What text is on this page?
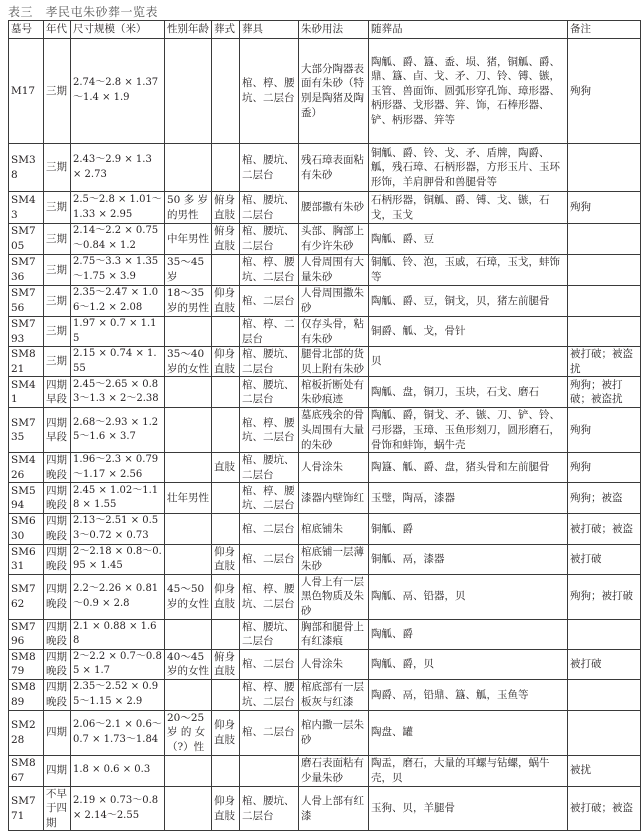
表三　孝民屯朱砂葬一览表
墓号	年代	尺寸规模（米）	性别年龄	葬式	葬具	朱砂用法	随葬品	备注
M17	三期	2.74～2.8 × 1.37～1.4 × 1.9			棺、椁、腰坑、二层台	大部分陶器表面有朱砂（特别是陶猪及陶盉）	陶觚、爵、簋、盉、埙、猪，铜觚、爵、鼎、簋、卣、戈、矛、刀、铃、镈、镞，玉管、兽面饰、圆弧形穿孔饰、璋形器、柄形器、戈形器、笄、饰，石棒形器、铲、柄形器、笄等	殉狗
SM38	三期	2.43～2.9 × 1.3 × 2.73			棺、腰坑、二层台	残石璋表面粘有朱砂	铜觚、爵、铃、戈、矛、盾牌，陶爵、觚，残石璋、石柄形器，方形玉片、玉环形饰，羊肩胛骨和兽腿骨等	
SM43	三期	2.5～2.8 × 1.01～1.33 × 2.95	50 多 岁的男性	俯身直肢	棺、腰坑、二层台	腰部撒有朱砂	石柄形器，铜觚、爵、镈、戈、镞，石戈，玉戈	殉狗
SM705	三期	2.14～2.2 × 0.75～0.84 × 1.2	中年男性	俯身直肢	棺、腰坑、二层台	头部、胸部上有少许朱砂	陶觚、爵、豆	
SM736	三期	2.75～3.3 × 1.35～1.75 × 3.9	35～45岁		棺、椁、腰坑、二层台	人骨周围有大量朱砂	铜觚、铃、泡，玉戚，石璋，玉戈，蚌饰等	
SM756	三期	2.35～2.47 × 1.06～1.2 × 2.08	18～35岁的男性	仰身直肢	棺、二层台	人骨周围撒朱砂	陶觚、爵、豆，铜戈，贝，猪左前腿骨	
SM793	三期	1.97 × 0.7 × 1.15			棺、椁、二层台	仅存头骨，粘有朱砂	铜爵、觚、戈，骨针	
SM821	三期	2.15 × 0.74 × 1.55	35～40岁的女性	仰身直肢	棺、腰坑、二层台	腿骨北部的货贝上附有朱砂	贝	被打破；被盗扰
SM41	四期早段	2.45～2.65 × 0.83～1.3 × 2～2.38			棺、腰坑、二层台	棺板折断处有朱砂痕迹	陶觚、盘，铜刀，玉块，石戈、磨石	殉狗；被打破；被盗扰
SM735	四期早段	2.68～2.93 × 1.25～1.6 × 3.7			棺、椁、腰坑、二层台	墓底残余的骨头周围有大量的朱砂	陶觚、爵，铜戈、矛、镞、刀、铲、铃、弓形器，玉璋、玉鱼形刻刀，圆形磨石，骨饰和蚌饰，蜗牛壳	殉狗
SM426	四期晚段	1.96～2.3 × 0.79～1.17 × 2.56		直肢	棺、腰坑、二层台	人骨涂朱	陶簋、觚、爵、盘，猪头骨和左前腿骨	殉狗
SM594	四期晚段	2.45 × 1.02～1.18 × 1.55	壮年男性		棺、椁、腰坑、二层台	漆器内壁饰红	玉璧，陶鬲，漆器	殉狗；被盗
SM630	四期晚段	2.13～2.51 × 0.53～0.72 × 0.73			棺、二层台	棺底铺朱	铜觚、爵	被打破；被盗
SM631	四期晚段	2～2.18 × 0.8～0.95 × 1.45		仰身直肢	棺、二层台	棺底铺一层薄朱砂	铜觚、鬲，漆器	被打破
SM762	四期晚段	2.2～2.26 × 0.81～0.9 × 2.8	45～50岁的女性	仰身直肢	棺、椁、腰坑、二层台	人骨上有一层黑色物质及朱砂	陶觚、鬲、铅器，贝	殉狗；被打破
SM796	四期晚段	2.1 × 0.88 × 1.68			棺、腰坑、二层台	胸部和腿骨上有红漆痕	陶觚、爵	
SM879	四期晚段	2～2.2 × 0.7～0.85 × 1.7	40～45岁的女性	俯身直肢	棺、二层台	人骨涂朱	陶觚、爵，贝	被打破
SM889	四期晚段	2.35～2.52 × 0.95～1.15 × 2.9			棺、椁、腰坑、二层台	棺底部有一层板灰与红漆	陶爵、鬲，铅鼎、簋、觚，玉鱼等	
SM228	四期	2.06～2.1 × 0.6～0.7 × 1.73～1.84	20～25岁 的 女（?）性	仰身直肢	棺、二层台	棺内撒一层朱砂	陶盘、罐	
SM867	四期	1.8 × 0.6 × 0.3				磨石表面粘有少量朱砂	陶盂，磨石，大量的耳螺与钻螺，蜗牛壳，贝	被扰
SM771	不早于四期	2.19 × 0.73～0.8 × 2.14～2.55		仰身直肢	棺、腰坑、二层台	人骨上部有红漆	玉狗、贝，羊腿骨	被打破；被盗
